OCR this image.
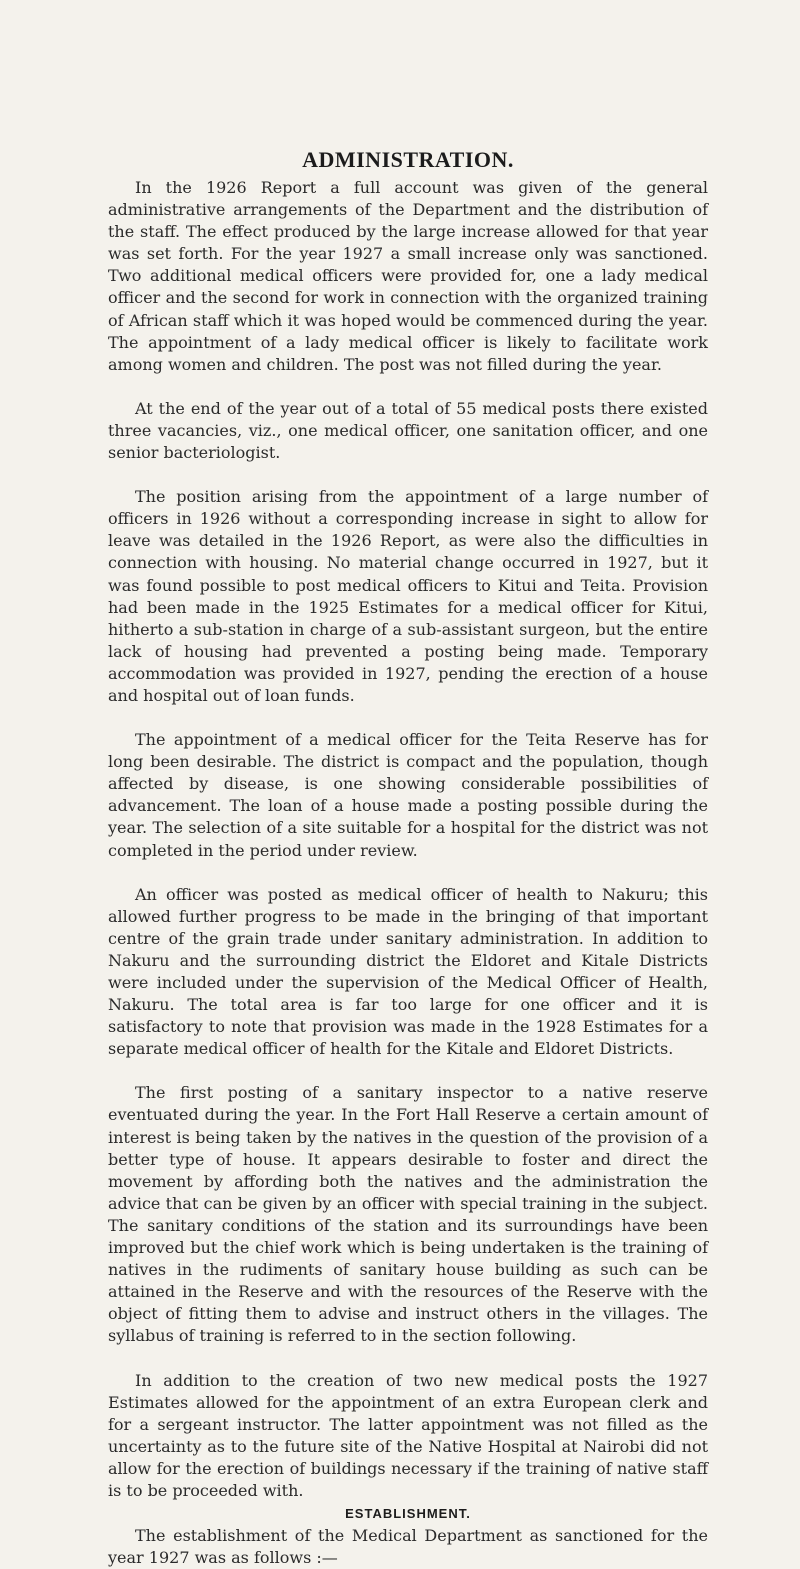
ADMINISTRATION.

In the 1926 Report a full account was given of the general administrative arrangements of the Department and the distribution of the staff. The effect produced by the large increase allowed for that year was set forth. For the year 1927 a small increase only was sanctioned. Two additional medical officers were provided for, one a lady medical officer and the second for work in connection with the organized training of African staff which it was hoped would be commenced during the year. The appointment of a lady medical officer is likely to facilitate work among women and children. The post was not filled during the year.

At the end of the year out of a total of 55 medical posts there existed three vacancies, viz., one medical officer, one sanitation officer, and one senior bacteriologist.

The position arising from the appointment of a large number of officers in 1926 without a corresponding increase in sight to allow for leave was detailed in the 1926 Report, as were also the difficulties in connection with housing. No material change occurred in 1927, but it was found possible to post medical officers to Kitui and Teita. Provision had been made in the 1925 Estimates for a medical officer for Kitui, hitherto a sub-station in charge of a sub-assistant surgeon, but the entire lack of housing had prevented a posting being made. Temporary accommodation was provided in 1927, pending the erection of a house and hospital out of loan funds.

The appointment of a medical officer for the Teita Reserve has for long been desirable. The district is compact and the population, though affected by disease, is one showing considerable possibilities of advancement. The loan of a house made a posting possible during the year. The selection of a site suitable for a hospital for the district was not completed in the period under review.

An officer was posted as medical officer of health to Nakuru; this allowed further progress to be made in the bringing of that important centre of the grain trade under sanitary administration. In addition to Nakuru and the surrounding district the Eldoret and Kitale Districts were included under the supervision of the Medical Officer of Health, Nakuru. The total area is far too large for one officer and it is satisfactory to note that provision was made in the 1928 Estimates for a separate medical officer of health for the Kitale and Eldoret Districts.

The first posting of a sanitary inspector to a native reserve eventuated during the year. In the Fort Hall Reserve a certain amount of interest is being taken by the natives in the question of the provision of a better type of house. It appears desirable to foster and direct the movement by affording both the natives and the administration the advice that can be given by an officer with special training in the subject. The sanitary conditions of the station and its surroundings have been improved but the chief work which is being undertaken is the training of natives in the rudiments of sanitary house building as such can be attained in the Reserve and with the resources of the Reserve with the object of fitting them to advise and instruct others in the villages. The syllabus of training is referred to in the section following.

In addition to the creation of two new medical posts the 1927 Estimates allowed for the appointment of an extra European clerk and for a sergeant instructor. The latter appointment was not filled as the uncertainty as to the future site of the Native Hospital at Nairobi did not allow for the erection of buildings necessary if the training of native staff is to be proceeded with.

ESTABLISHMENT.

The establishment of the Medical Department as sanctioned for the year 1927 was as follows :—
